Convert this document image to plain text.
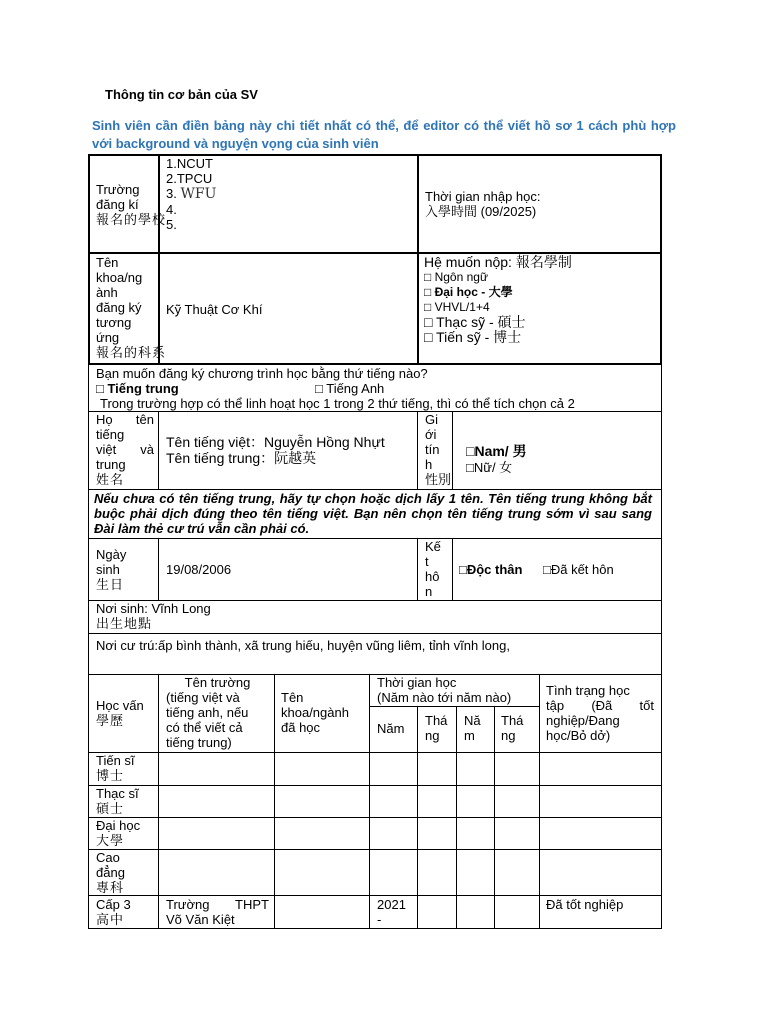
Thông tin cơ bản của SV
Sinh viên cần điền bảng này chi tiết nhất có thể, để editor có thể viết hồ sơ 1 cách phù hợp với background và nguyện vọng của sinh viên
Trường
đăng kí
報名的學校
1.NCUT
2.TPCU
3. WFU
4.
5.
Thời gian nhập học:
入學時間 (09/2025)
Tên
khoa/ng
ành
đăng ký
tương
ứng
報名的科系
Kỹ Thuật Cơ Khí
Hệ muốn nộp: 報名學制
□ Ngôn ngữ
□ Đại học - 大學
□ VHVL/1+4
□ Thạc sỹ - 碩士
□ Tiến sỹ - 博士
Bạn muốn đăng ký chương trình học bằng thứ tiếng nào?
□ Tiếng trung	□ Tiếng Anh
Trong trường hợp có thể linh hoạt học 1 trong 2 thứ tiếng, thì có thể tích chọn cả 2
Họ tên
tiếng
việt và
trung
姓名
Tên tiếng việt：Nguyễn Hồng Nhựt
Tên tiếng trung：阮越英
Gi
ới
tín
h
性別
□Nam/ 男
□Nữ/ 女
Nếu chưa có tên tiếng trung, hãy tự chọn hoặc dịch lấy 1 tên. Tên tiếng trung không bắt buộc phải dịch đúng theo tên tiếng việt. Bạn nên chọn tên tiếng trung sớm vì sau sang Đài làm thẻ cư trú vẫn cần phải có.
Ngày
sinh
生日
19/08/2006
Kế
t
hô
n
□Độc thân □Đã kết hôn
Nơi sinh: Vĩnh Long
出生地點
Nơi cư trú:ấp bình thành, xã trung hiếu, huyện vũng liêm, tỉnh vĩnh long,
Học vấn
學歷
Tên trường
(tiếng việt và
tiếng anh, nếu
có thể viết cả
tiếng trung)
Tên
khoa/ngành
đã học
Thời gian học
(Năm nào tới năm nào)
Năm
Thá
ng
Nă
m
Thá
ng
Tình trạng học
tập (Đã tốt
nghiệp/Đang
học/Bỏ dở)
Tiến sĩ
博士
Thạc sĩ
碩士
Đại học
大學
Cao
đẳng
專科
Cấp 3
高中
Trường THPT
Võ Văn Kiệt
2021
-
Đã tốt nghiệp
